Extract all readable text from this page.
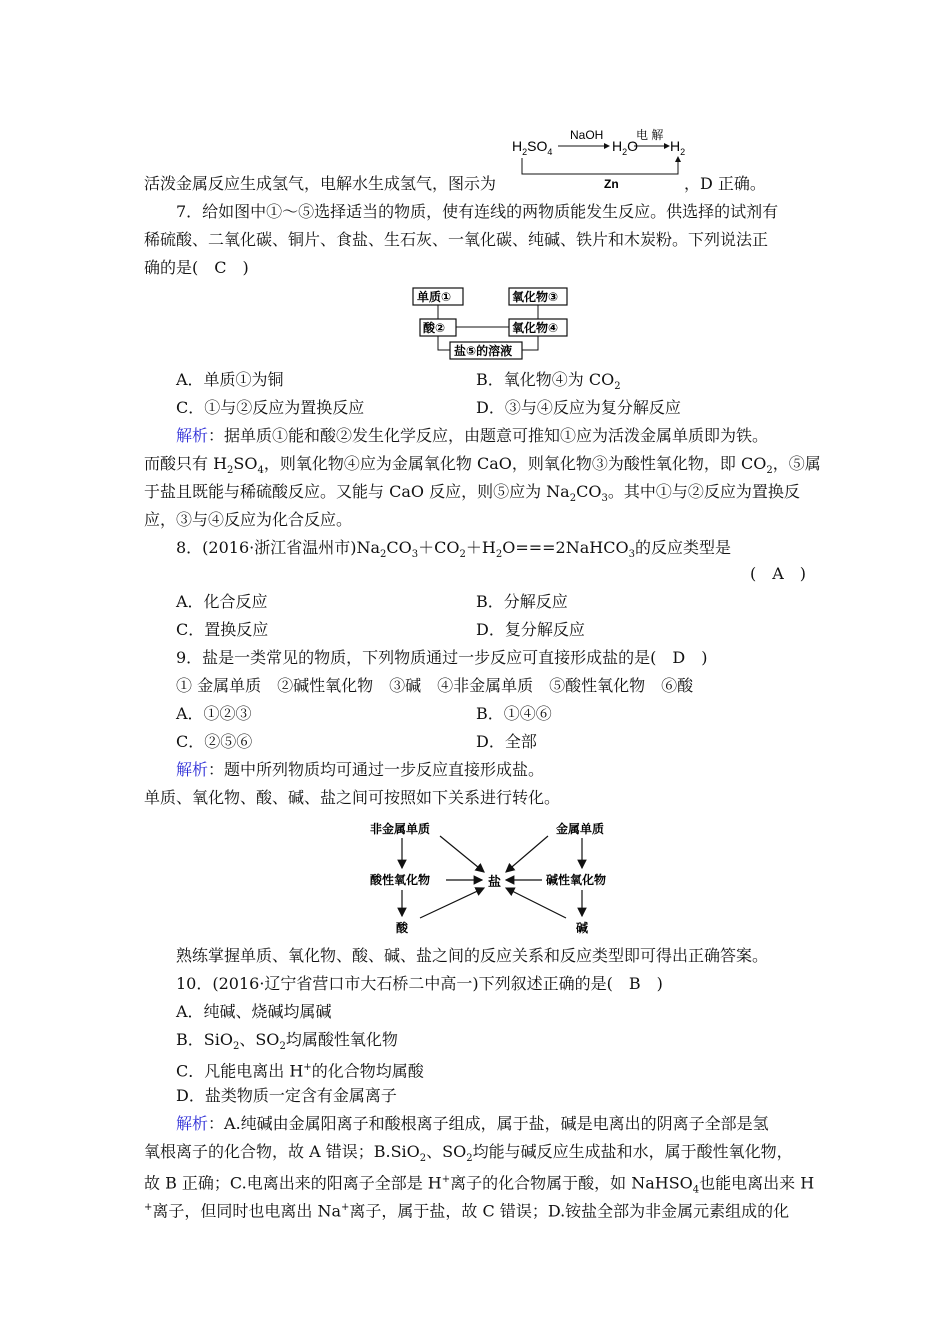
$H_2SO_4$
NaOH
$H_2O$
电 解
$H_2$
Zn
活泼金属反应生成氢气，电解水生成氢气，图示为	，D 正确。
7．给如图中①～⑤选择适当的物质，使有连线的两物质能发生反应。供选择的试剂有
稀硫酸、二氧化碳、铜片、食盐、生石灰、一氧化碳、纯碱、铁片和木炭粉。下列说法正
确的是(　C　)
单质①	氧化物③
酸②	氧化物④
盐⑤的溶液
A．单质①为铜	B．氧化物④为 $CO_2$
C．①与②反应为置换反应	D．③与④反应为复分解反应
解析：据单质①能和酸②发生化学反应，由题意可推知①应为活泼金属单质即为铁。
而酸只有 $H_2SO_4$，则氧化物④应为金属氧化物 CaO，则氧化物③为酸性氧化物，即 $CO_2$，⑤属
于盐且既能与稀硫酸反应。又能与 CaO 反应，则⑤应为 $Na_2CO_3$。其中①与②反应为置换反
应，③与④反应为化合反应。
8．(2016·浙江省温州市)$Na_2CO_3+CO_2+H_2O===2NaHCO_3$的反应类型是
(　A　)
A．化合反应	B．分解反应
C．置换反应	D．复分解反应
9．盐是一类常见的物质，下列物质通过一步反应可直接形成盐的是(　D　)
① 金属单质　②碱性氧化物　③碱　④非金属单质　⑤酸性氧化物　⑥酸
A．①②③	B．①④⑥
C．②⑤⑥	D．全部
解析：题中所列物质均可通过一步反应直接形成盐。
单质、氧化物、酸、碱、盐之间可按照如下关系进行转化。
非金属单质	金属单质
酸性氧化物	盐	碱性氧化物
酸	碱
熟练掌握单质、氧化物、酸、碱、盐之间的反应关系和反应类型即可得出正确答案。
10．(2016·辽宁省营口市大石桥二中高一)下列叙述正确的是(　B　)
A．纯碱、烧碱均属碱
B．SiO$_2$、$SO_2$均属酸性氧化物
C．凡能电离出 H+的化合物均属酸
D．盐类物质一定含有金属离子
解析：A.纯碱由金属阳离子和酸根离子组成，属于盐，碱是电离出的阴离子全部是氢
氧根离子的化合物，故 A 错误；B.SiO$_2$、$SO_2$均能与碱反应生成盐和水，属于酸性氧化物，
故 B 正确；C.电离出来的阳离子全部是 H+离子的化合物属于酸，如 NaHSO$_4$也能电离出来 H
+离子，但同时也电离出 Na+离子，属于盐，故 C 错误；D.铵盐全部为非金属元素组成的化
